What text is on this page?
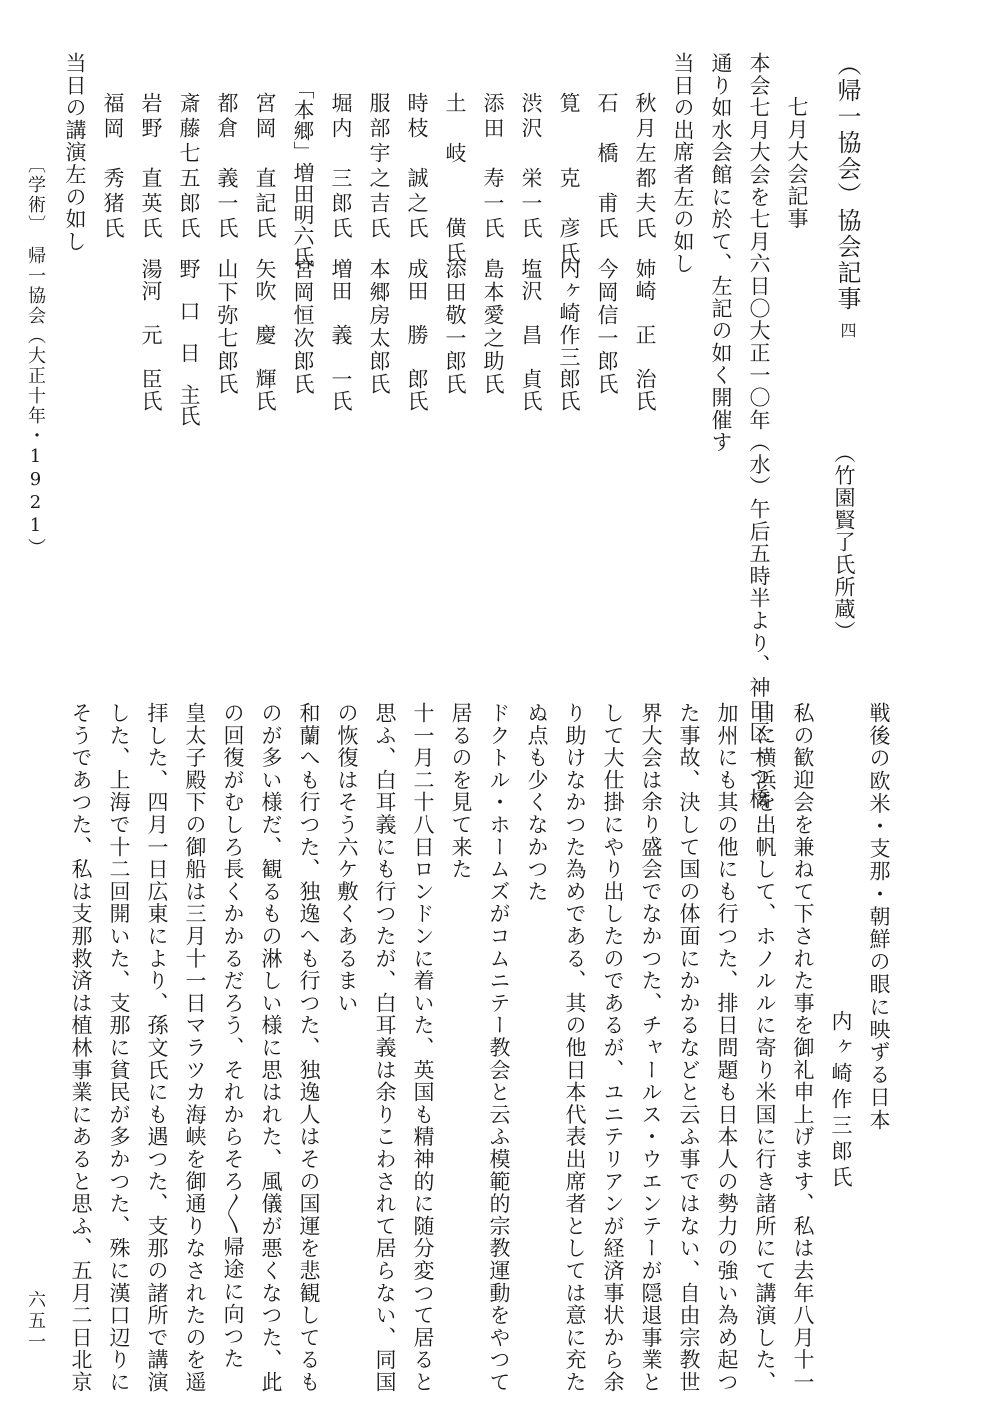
（帰一協会）協会記事四
（竹園賢了氏所蔵）
七月大会記事
本会七月大会を七月六日〇大正一〇年（水）午后五時半より、神田区一つ橋
通り如水会館に於て、左記の如く開催す
当日の出席者左の如し
秋月左都夫氏
石　橋　甫氏
筧　　克　彦氏
渋沢　栄一氏
添田　寿一氏
土　岐　　僙氏
時枝　誠之氏
服部宇之吉氏
堀内　三郎氏
「本郷」増田明六氏
宮岡　直記氏
都倉　義一氏
斎藤七五郎氏
岩野　直英氏
福岡　秀猪氏
姉崎　正　治氏
今岡信一郎氏
内ヶ崎作三郎氏
塩沢　昌　貞氏
島本愛之助氏
添田敬一郎氏
成田　勝　郎氏
本郷房太郎氏
増田　義　一氏
宮岡恒次郎氏
矢吹　慶　輝氏
山下弥七郎氏
野　口　日　主氏
湯河　元　臣氏
当日の講演左の如し
戦後の欧米・支那・朝鮮の眼に映ずる日本
内ヶ崎作三郎氏
私の歓迎会を兼ねて下された事を御礼申上げます、私は去年八月十一
日に横浜を出帆して、ホノルルに寄り米国に行き諸所にて講演した、
加州にも其の他にも行つた、排日問題も日本人の勢力の強い為め起つ
た事故、決して国の体面にかかるなどと云ふ事ではない、自由宗教世
界大会は余り盛会でなかつた、チャールス・ウエンテーが隠退事業と
して大仕掛にやり出したのであるが、ユニテリアンが経済事状から余
り助けなかつた為めである、其の他日本代表出席者としては意に充た
ぬ点も少くなかつた
ドクトル・ホームズがコムニテー教会と云ふ模範的宗教運動をやつて
居るのを見て来た
十一月二十八日ロンドンに着いた、英国も精神的に随分変つて居ると
思ふ、白耳義にも行つたが、白耳義は余りこわされて居らない、同国
の恢復はそう六ケ敷くあるまい
和蘭へも行つた、独逸へも行つた、独逸人はその国運を悲観してるも
のが多い様だ、観るもの淋しい様に思はれた、風儀が悪くなつた、此
の回復がむしろ長くかかるだろう、それからそろ〳〵帰途に向つた
皇太子殿下の御船は三月十一日マラツカ海峡を御通りなされたのを遥
拝した、四月一日広東により、孫文氏にも遇つた、支那の諸所で講演
した、上海で十二回開いた、支那に貧民が多かつた、殊に漢口辺りに
そうであつた、私は支那救済は植林事業にあると思ふ、五月二日北京
〔学術〕　帰一協会（大正十年・1921）
六五一
